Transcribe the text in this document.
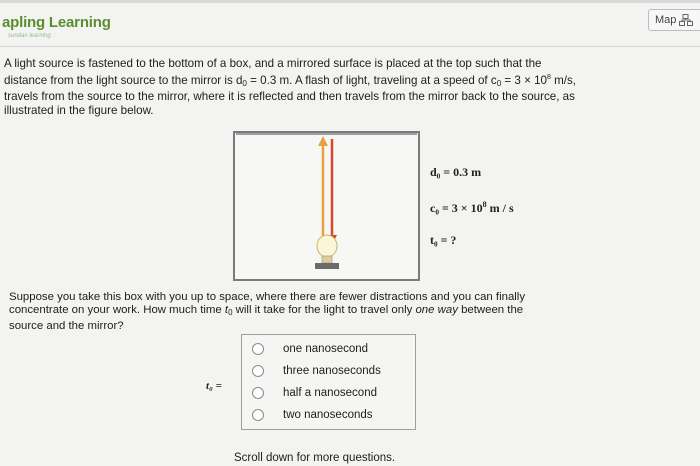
apling Learning
sundan learning
Map
A light source is fastened to the bottom of a box, and a mirrored surface is placed at the top such that the
distance from the light source to the mirror is $d_0 = 0.3$ m. A flash of light, traveling at a speed of $c_0 = 3 \times 10^8$ m/s,
travels from the source to the mirror, where it is reflected and then travels from the mirror back to the source, as
illustrated in the figure below.
d₀ = 0.3 m
$c_0 = 3 \times 10^8$ m / s
t₀ = ?
Suppose you take this box with you up to space, where there are fewer distractions and you can finally
concentrate on your work. How much time $t_0$ will it take for the light to travel only one way between the
source and the mirror?
t₀ =
one nanosecond
three nanoseconds
half a nanosecond
two nanoseconds
Scroll down for more questions.
